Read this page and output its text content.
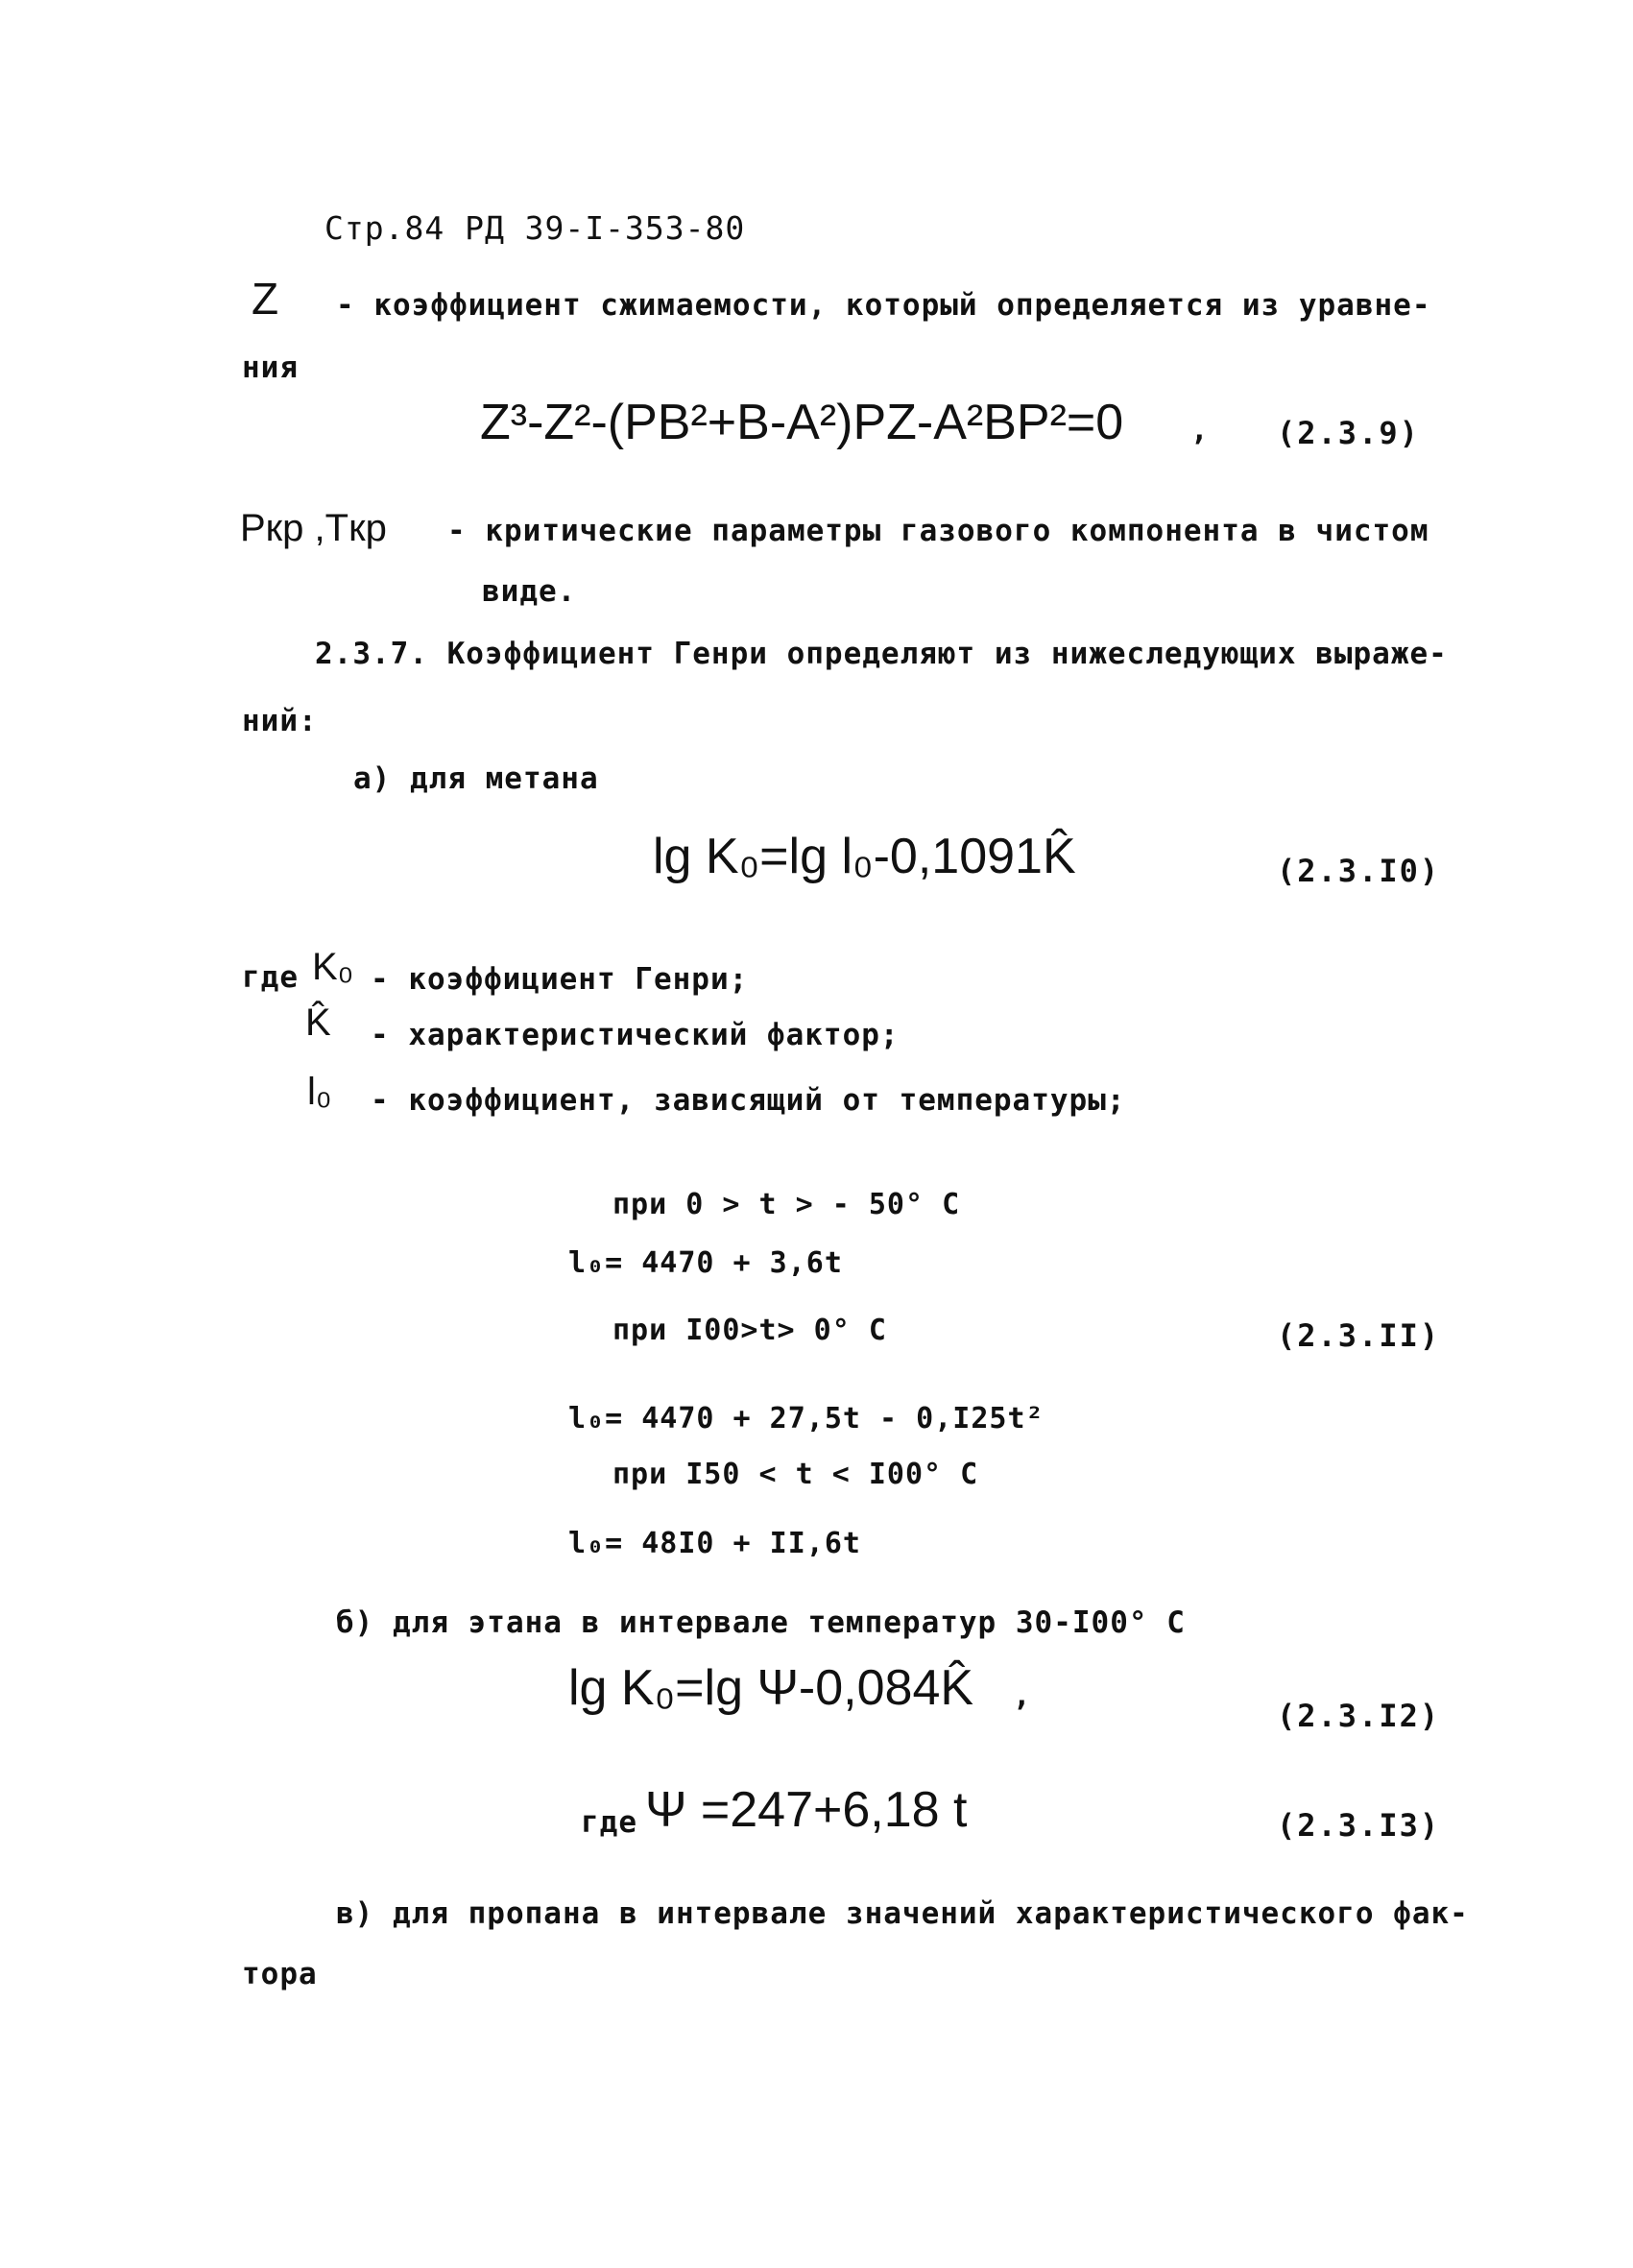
Стр.84 РД 39-I-353-80
Z - коэффициент сжимаемости, который определяется из уравне-
ния
Z³-Z²-(PB²+B-A²)PZ-A²BP²=0 , (2.3.9)
Pкр ,Tкр - критические параметры газового компонента в чистом
виде.
2.3.7. Коэффициент Генри определяют из нижеследующих выраже-
ний:
а) для метана
lg K₀=lg l₀-0,1091K̂	(2.3.I0)
где K₀ - коэффициент Генри;
K̂ - характеристический фактор;
l₀ - коэффициент, зависящий от температуры;
при 0 > t > - 50° C
l₀= 4470 + 3,6t
при I00>t> 0° C	(2.3.II)
l₀= 4470 + 27,5t - 0,I25t²
при I50 < t < I00° C
l₀= 48I0 + II,6t
б) для этана в интервале температур 30-I00° C
lg K₀=lg Ψ-0,084K̂ ,
(2.3.I2)
где Ψ =247+6,18 t	(2.3.I3)
в) для пропана в интервале значений характеристического фак-
тора
